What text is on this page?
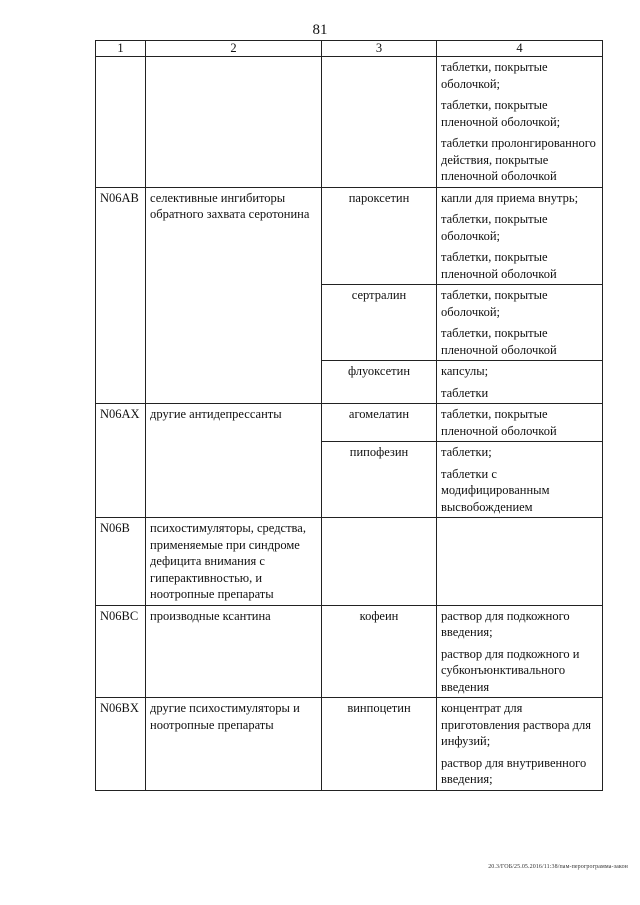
81
1	2	3	4

			таблетки, покрытые оболочкой;
таблетки, покрытые пленочной оболочкой;
таблетки пролонгированного действия, покрытые пленочной оболочкой

N06AB	селективные ингибиторы обратного захвата серотонина	пароксетин	капли для приема внутрь;
таблетки, покрытые оболочкой;
таблетки, покрытые пленочной оболочкой

		сертралин	таблетки, покрытые оболочкой;
таблетки, покрытые пленочной оболочкой

		флуоксетин	капсулы;
таблетки

N06AX	другие антидепрессанты	агомелатин	таблетки, покрытые пленочной оболочкой

		пипофезин	таблетки;
таблетки с модифицированным высвобождением

N06B	психостимуляторы, средства, применяемые при синдроме дефицита внимания с гиперактивностью, и ноотропные препараты		
N06BC	производные ксантина	кофеин	раствор для подкожного введения;
раствор для подкожного и субконъюнктивального введения

N06BX	другие психостимуляторы и ноотропные препараты	винпоцетин	концентрат для приготовления раствора для инфузий;
раствор для внутривенного введения;
20.3/ГОБ/25.05.2016/11:38/пам-перогрограмма-закон
